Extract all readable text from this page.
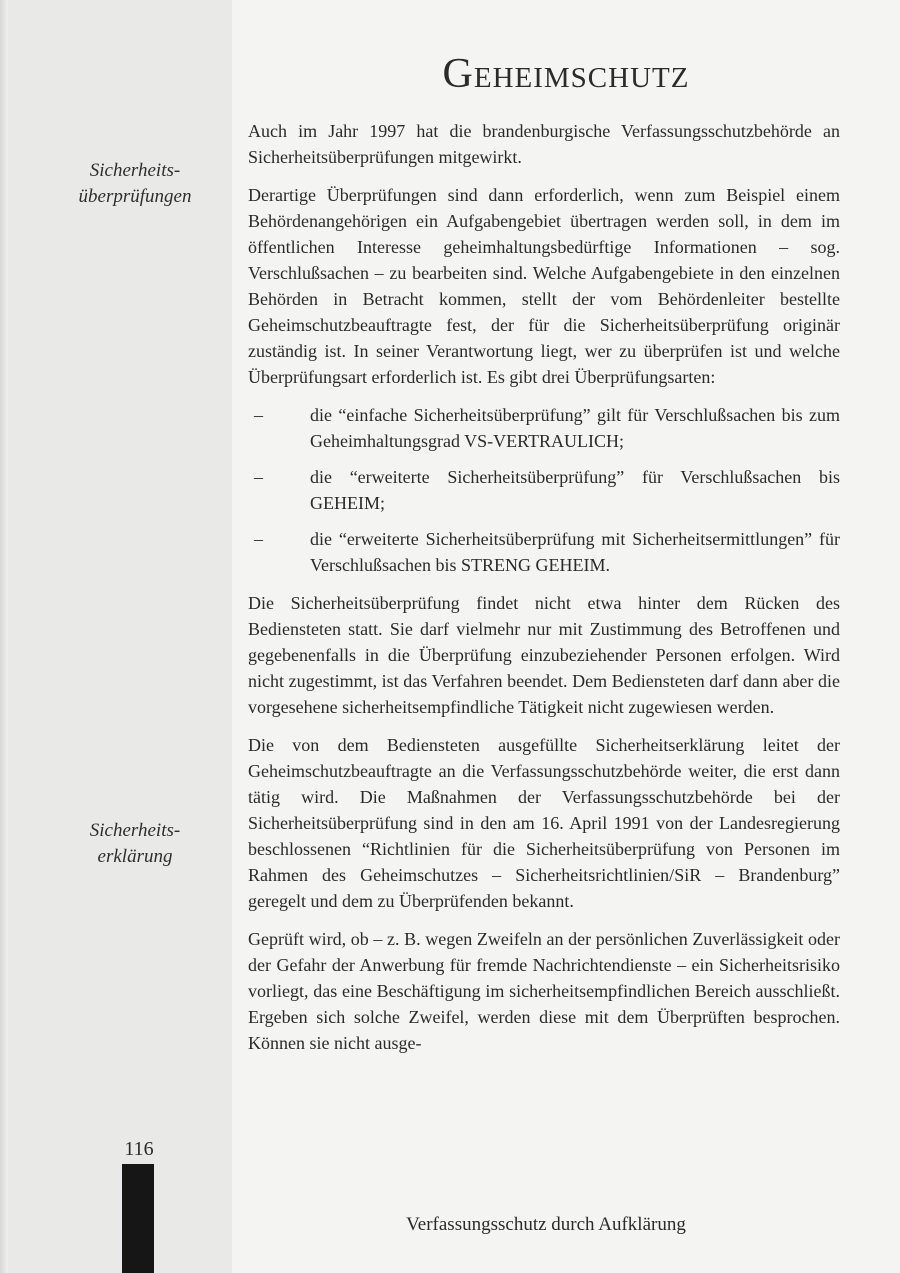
Geheimschutz
Sicherheits-
überprüfungen
Sicherheits-
erklärung

Auch im Jahr 1997 hat die brandenburgische Verfassungsschutzbehörde an Sicherheitsüberprüfungen mitgewirkt.

Derartige Überprüfungen sind dann erforderlich, wenn zum Beispiel einem Behördenangehörigen ein Aufgabengebiet übertragen werden soll, in dem im öffentlichen Interesse geheimhaltungsbedürftige Informationen – sog. Verschlußsachen – zu bearbeiten sind. Welche Aufgabengebiete in den einzelnen Behörden in Betracht kommen, stellt der vom Behördenleiter bestellte Geheimschutzbeauftragte fest, der für die Sicherheitsüberprüfung originär zuständig ist. In seiner Verantwortung liegt, wer zu überprüfen ist und welche Überprüfungsart erforderlich ist. Es gibt drei Überprüfungsarten:

–	die “einfache Sicherheitsüberprüfung” gilt für Verschlußsachen bis zum Geheimhaltungsgrad VS-VERTRAULICH;
–	die “erweiterte Sicherheitsüberprüfung” für Verschlußsachen bis GEHEIM;
–	die “erweiterte Sicherheitsüberprüfung mit Sicherheitsermittlungen” für Verschlußsachen bis STRENG GEHEIM.

Die Sicherheitsüberprüfung findet nicht etwa hinter dem Rücken des Bediensteten statt. Sie darf vielmehr nur mit Zustimmung des Betroffenen und gegebenenfalls in die Überprüfung einzubeziehender Personen erfolgen. Wird nicht zugestimmt, ist das Verfahren beendet. Dem Bediensteten darf dann aber die vorgesehene sicherheitsempfindliche Tätigkeit nicht zugewiesen werden.

Die von dem Bediensteten ausgefüllte Sicherheitserklärung leitet der Geheimschutzbeauftragte an die Verfassungsschutzbehörde weiter, die erst dann tätig wird. Die Maßnahmen der Verfassungsschutzbehörde bei der Sicherheitsüberprüfung sind in den am 16. April 1991 von der Landesregierung beschlossenen “Richtlinien für die Sicherheitsüberprüfung von Personen im Rahmen des Geheimschutzes – Sicherheitsrichtlinien/SiR – Brandenburg” geregelt und dem zu Überprüfenden bekannt.

Geprüft wird, ob – z. B. wegen Zweifeln an der persönlichen Zuverlässigkeit oder der Gefahr der Anwerbung für fremde Nachrichtendienste – ein Sicherheitsrisiko vorliegt, das eine Beschäftigung im sicherheitsempfindlichen Bereich ausschließt. Ergeben sich solche Zweifel, werden diese mit dem Überprüften besprochen. Können sie nicht ausge-

116
Verfassungsschutz durch Aufklärung
